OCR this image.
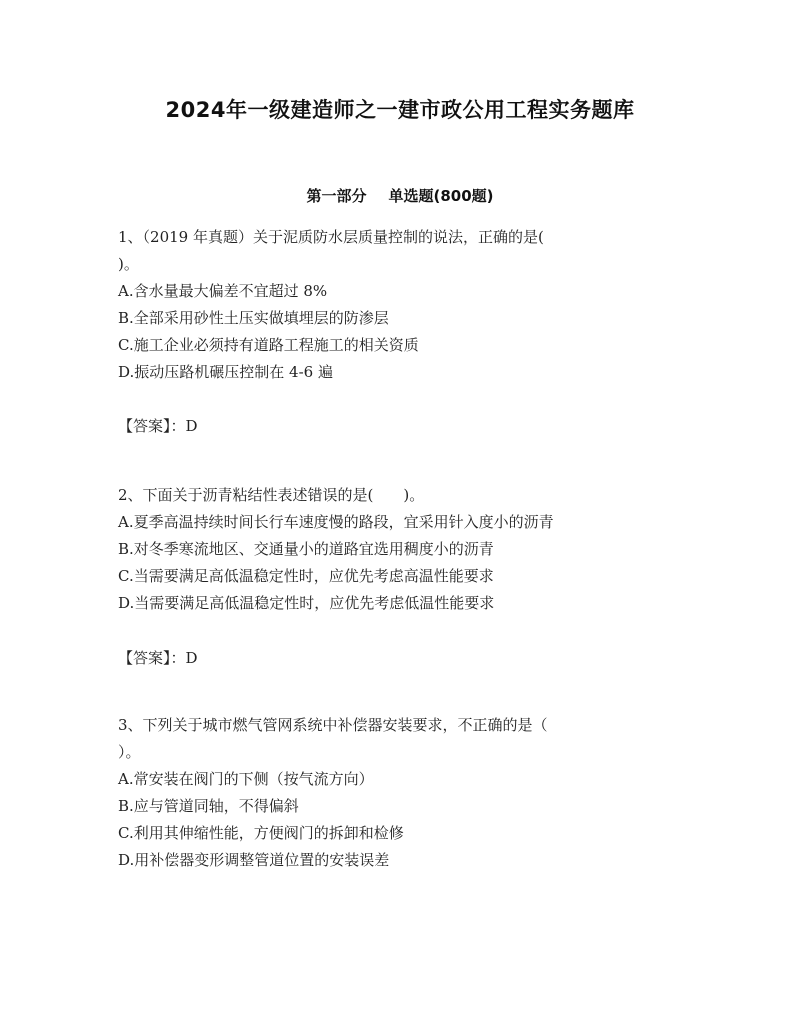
2024年一级建造师之一建市政公用工程实务题库
第一部分 单选题(800题)
1、（2019 年真题）关于泥质防水层质量控制的说法，正确的是(
)。
A.含水量最大偏差不宜超过 8%
B.全部采用砂性土压实做填埋层的防渗层
C.施工企业必须持有道路工程施工的相关资质
D.振动压路机碾压控制在 4-6 遍
【答案】：D
2、下面关于沥青粘结性表述错误的是(　　)。
A.夏季高温持续时间长行车速度慢的路段，宜采用针入度小的沥青
B.对冬季寒流地区、交通量小的道路宜选用稠度小的沥青
C.当需要满足高低温稳定性时，应优先考虑高温性能要求
D.当需要满足高低温稳定性时，应优先考虑低温性能要求
【答案】：D
3、下列关于城市燃气管网系统中补偿器安装要求，不正确的是（
）。
A.常安装在阀门的下侧（按气流方向）
B.应与管道同轴，不得偏斜
C.利用其伸缩性能，方便阀门的拆卸和检修
D.用补偿器变形调整管道位置的安装误差
